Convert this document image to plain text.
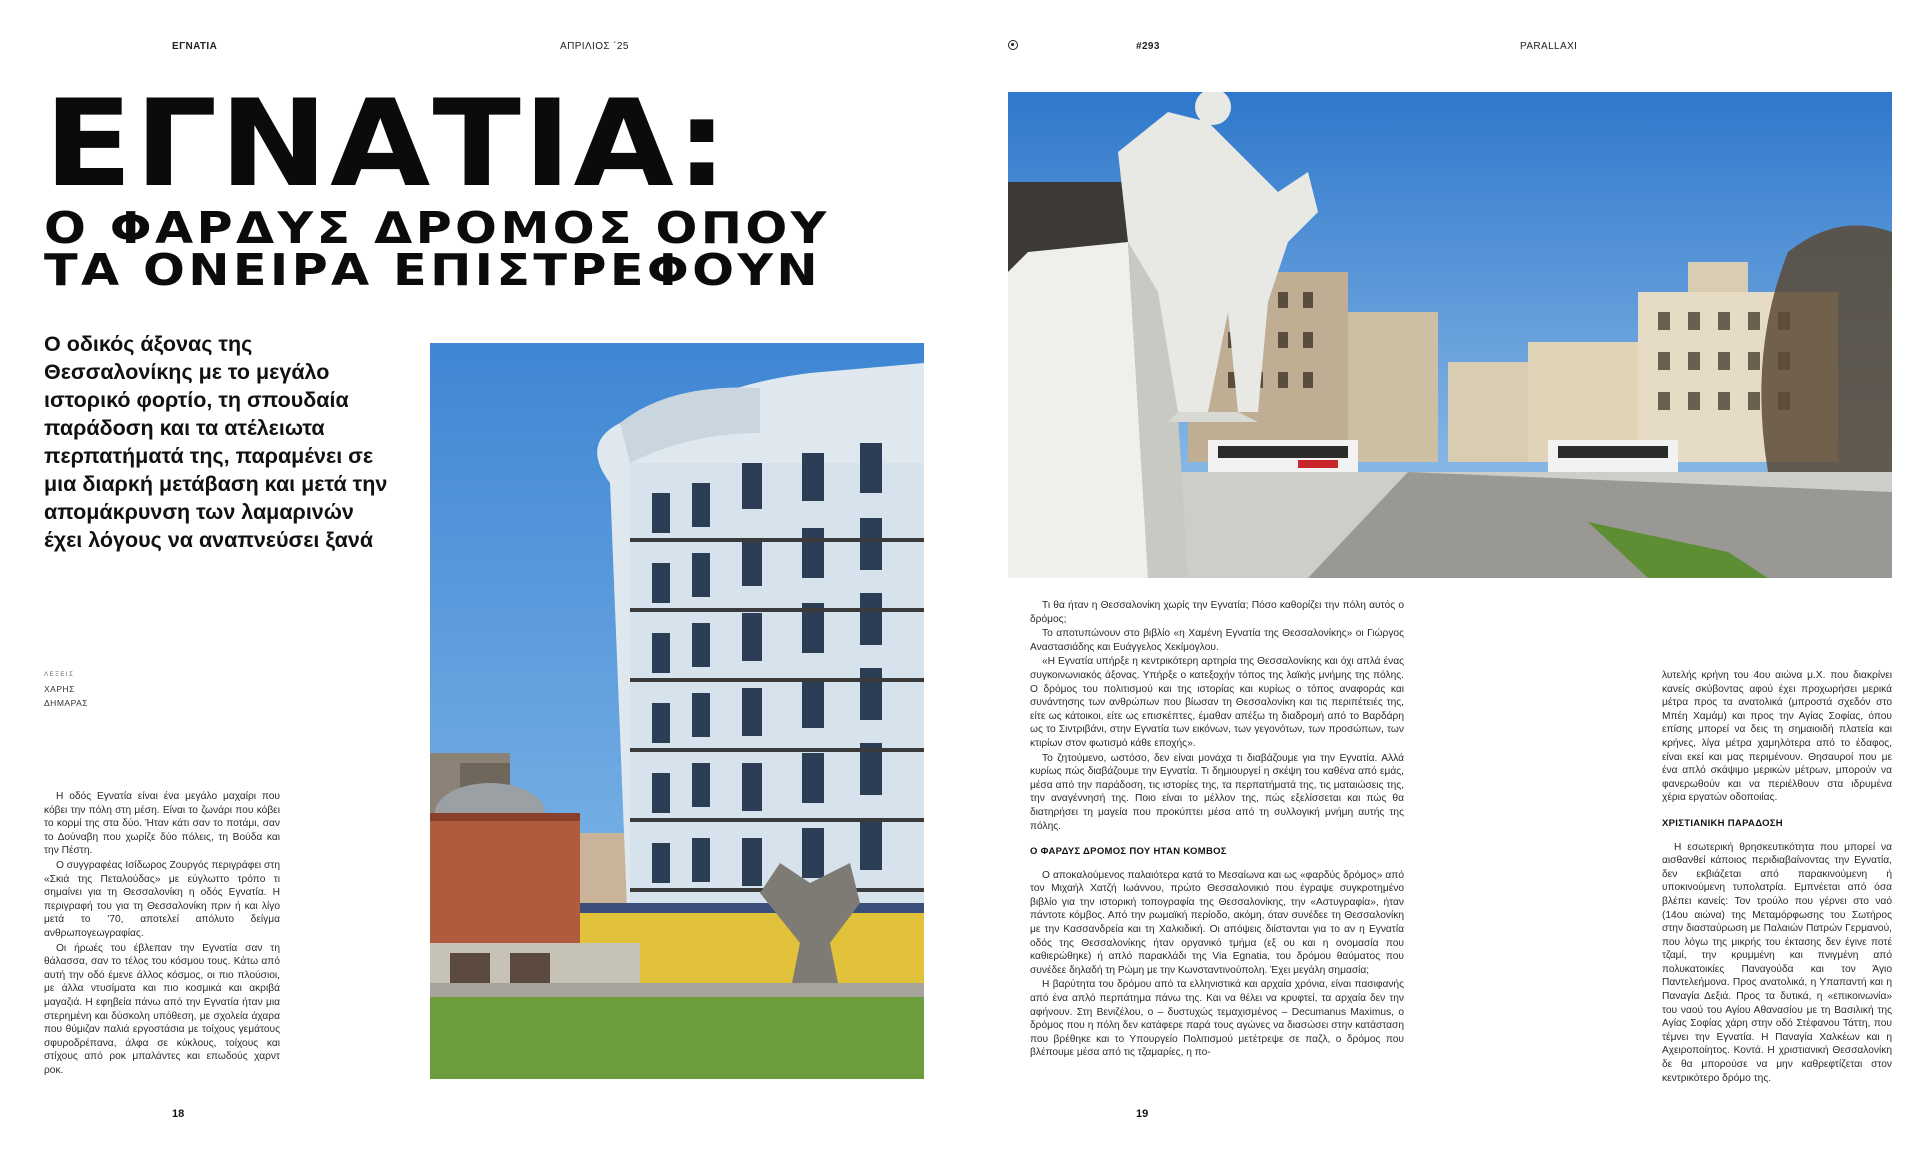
ΕΓΝΑΤΙΑ	ΑΠΡΙΛΙΟΣ ΄25	#293	PARALLAXI
ΕΓΝΑΤΙΑ:
Ο ΦΑΡΔΥΣ ΔΡΟΜΟΣ ΟΠΟΥ
ΤΑ ΟΝΕΙΡΑ ΕΠΙΣΤΡΕΦΟΥΝ
Ο οδικός άξονας της Θεσσαλονίκης με το μεγάλο ιστορικό φορτίο, τη σπουδαία παράδοση και τα ατέλειωτα περπατήματά της, παραμένει σε μια διαρκή μετάβαση και μετά την απομάκρυνση των λαμαρινών έχει λόγους να αναπνεύσει ξανά
ΛΕΞΕΙΣ
ΧΑΡΗΣ
ΔΗΜΑΡΑΣ

Η οδός Εγνατία είναι ένα μεγάλο μαχαίρι που κόβει την πόλη στη μέση. Είναι το ζωνάρι που κόβει το κορμί της στα δύο. Ήταν κάτι σαν το ποτάμι, σαν το Δούναβη που χωρίζε δύο πόλεις, τη Βούδα και την Πέστη.

Ο συγγραφέας Ισίδωρος Ζουργός περιγράφει στη «Σκιά της Πεταλούδας» με εύγλωττο τρόπο τι σημαίνει για τη Θεσσαλονίκη η οδός Εγνατία. Η περιγραφή του για τη Θεσσαλονίκη πριν ή και λίγο μετά το ’70, αποτελεί απόλυτο δείγμα ανθρωπογεωγραφίας.

Οι ήρωές του έβλεπαν την Εγνατία σαν τη θάλασσα, σαν το τέλος του κόσμου τους. Κάτω από αυτή την οδό έμενε άλλος κόσμος, οι πιο πλούσιοι, με άλλα ντυσίματα και πιο κοσμικά και ακριβά μαγαζιά. Η εφηβεία πάνω από την Εγνατία ήταν μια στερημένη και δύσκολη υπόθεση, με σχολεία άχαρα που θύμιζαν παλιά εργοστάσια με τοίχους γεμάτους σφυροδρέπανα, άλφα σε κύκλους, τοίχους και στίχους από ροκ μπαλάντες και επωδούς χαρντ ροκ.

Τι θα ήταν η Θεσσαλονίκη χωρίς την Εγνατία; Πόσο καθορίζει την πόλη αυτός ο δρόμος;

Το αποτυπώνουν στο βιβλίο «η Χαμένη Εγνατία της Θεσσαλονίκης» οι Γιώργος Αναστασιάδης και Ευάγγελος Χεκίμογλου.

«Η Εγνατία υπήρξε η κεντρικότερη αρτηρία της Θεσσαλονίκης και όχι απλά ένας συγκοινωνιακός άξονας. Υπήρξε ο κατεξοχήν τόπος της λαϊκής μνήμης της πόλης. Ο δρόμος του πολιτισμού και της ιστορίας και κυρίως ο τόπος αναφοράς και συνάντησης των ανθρώπων που βίωσαν τη Θεσσαλονίκη και τις περιπέτειές της, είτε ως κάτοικοι, είτε ως επισκέπτες, έμαθαν απέξω τη διαδρομή από το Βαρδάρη ως το Σιντριβάνι, στην Εγνατία των εικόνων, των γεγονότων, των προσώπων, των κτιρίων στον φωτισμό κάθε εποχής».

Το ζητούμενο, ωστόσο, δεν είναι μονάχα τι διαβάζουμε για την Εγνατία. Αλλά κυρίως πώς διαβάζουμε την Εγνατία. Τι δημιουργεί η σκέψη του καθένα από εμάς, μέσα από την παράδοση, τις ιστορίες της, τα περπατήματά της, τις ματαιώσεις της, την αναγέννησή της. Ποιο είναι το μέλλον της, πώς εξελίσσεται και πώς θα διατηρήσει τη μαγεία που προκύπτει μέσα από τη συλλογική μνήμη αυτής της πόλης.

Ο ΦΑΡΔΥΣ ΔΡΟΜΟΣ ΠΟΥ ΗΤΑΝ ΚΟΜΒΟΣ

Ο αποκαλούμενος παλαιότερα κατά το Μεσαίωνα και ως «φαρδύς δρόμος» από τον Μιχαήλ Χατζή Ιωάννου, πρώτο Θεσσαλονικιό που έγραψε συγκροτημένο βιβλίο για την ιστορική τοπογραφία της Θεσσαλονίκης, την «Αστυγραφία», ήταν πάντοτε κόμβος. Από την ρωμαϊκή περίοδο, ακόμη, όταν συνέδεε τη Θεσσαλονίκη με την Κασσανδρεία και τη Χαλκιδική. Οι απόψεις διίστανται για το αν η Εγνατία οδός της Θεσσαλονίκης ήταν οργανικό τμήμα (εξ ου και η ονομασία που καθιερώθηκε) ή απλό παρακλάδι της Via Egnatia, του δρόμου θαύματος που συνέδεε δηλαδή τη Ρώμη με την Κωνσταντινούπολη. Έχει μεγάλη σημασία;

Η βαρύτητα του δρόμου από τα ελληνιστικά και αρχαία χρόνια, είναι πασιφανής από ένα απλό περπάτημα πάνω της. Και να θέλει να κρυφτεί, τα αρχαία δεν την αφήνουν. Στη Βενιζέλου, ο – δυστυχώς τεμαχισμένος – Decumanus Maximus, ο δρόμος που η πόλη δεν κατάφερε παρά τους αγώνες να διασώσει στην κατάσταση που βρέθηκε και το Υπουργείο Πολιτισμού μετέτρεψε σε παζλ, ο δρόμος που βλέπουμε μέσα από τις τζαμαρίες, η πο-

λυτελής κρήνη του 4ου αιώνα μ.Χ. που διακρίνει κανείς σκύβοντας αφού έχει προχωρήσει μερικά μέτρα προς τα ανατολικά (μπροστά σχεδόν στο Μπέη Χαμάμ) και προς την Αγίας Σοφίας, όπου επίσης μπορεί να δεις τη σημαιοιδή πλατεία και κρήνες, λίγα μέτρα χαμηλότερα από το έδαφος, είναι εκεί και μας περιμένουν. Θησαυροί που με ένα απλό σκάψιμο μερικών μέτρων, μπορούν να φανερωθούν και να περιέλθουν στα ιδρυμένα χέρια εργατών οδοποιίας.

ΧΡΙΣΤΙΑΝΙΚΗ ΠΑΡΑΔΟΣΗ

Η εσωτερική θρησκευτικότητα που μπορεί να αισθανθεί κάποιος περιδιαβαίνοντας την Εγνατία, δεν εκβιάζεται από παρακινούμενη ή υποκινούμενη τυπολατρία. Εμπνέεται από όσα βλέπει κανείς: Τον τρούλο που γέρνει στο ναό (14ου αιώνα) της Μεταμόρφωσης του Σωτήρος στην διασταύρωση με Παλαιών Πατρών Γερμανού, που λόγω της μικρής του έκτασης δεν έγινε ποτέ τζαμί, την κρυμμένη και πνιγμένη από πολυκατοικίες Παναγούδα και τον Άγιο Παντελεήμονα. Προς ανατολικά, η Υπαπαντή και η Παναγία Δεξιά. Προς τα δυτικά, η «επικοινωνία» του ναού του Αγίου Αθανασίου με τη Βασιλική της Αγίας Σοφίας χάρη στην οδό Στέφανου Τάττη, που τέμνει την Εγνατία. Η Παναγία Χαλκέων και η Αχειροποίητος. Κοντά. Η χριστιανική Θεσσαλονίκη δε θα μπορούσε να μην καθρεφτίζεται στον κεντρικότερο δρόμο της.

18	19
